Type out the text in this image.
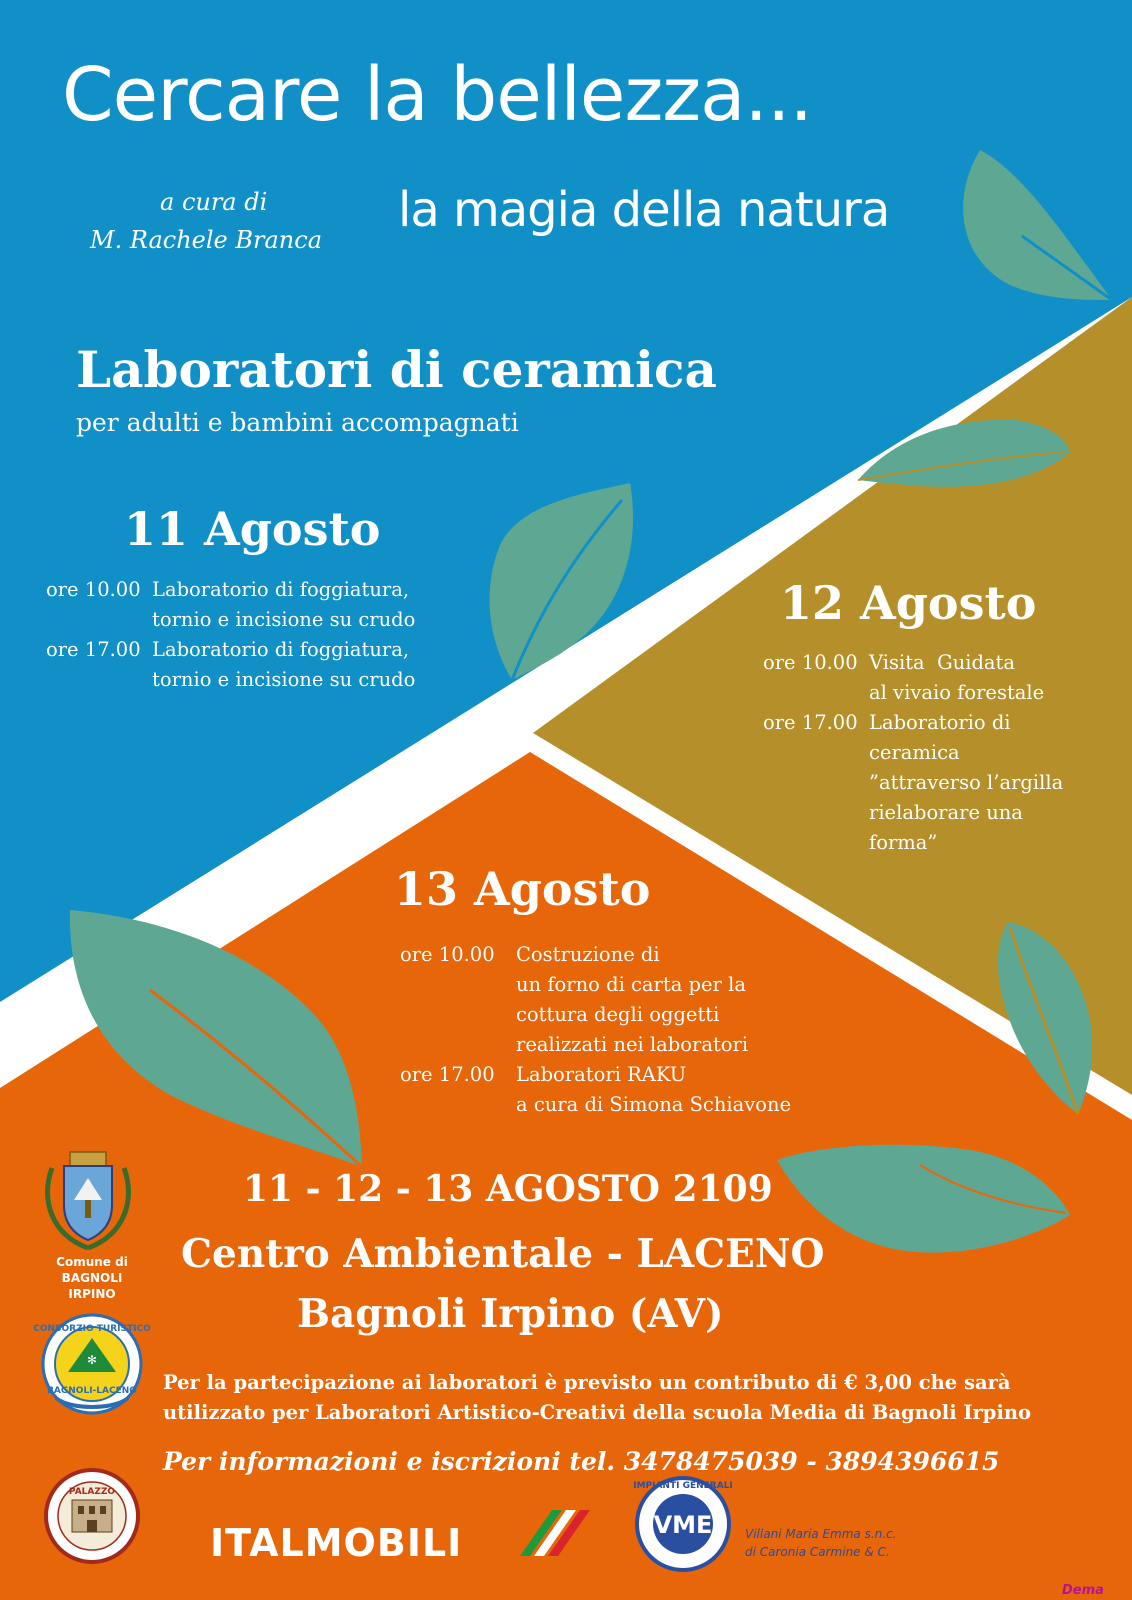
✻
CONSORZIO TURISTICO
BAGNOLI-LACENO
PALAZZO
VME
IMPIANTI GENERALI
Cercare la bellezza...
la magia della natura
a cura di
M. Rachele Branca
Laboratori di ceramica
per adulti e bambini accompagnati
11 Agosto
ore 10.00 Laboratorio di foggiatura,
tornio e incisione su crudo
ore 17.00 Laboratorio di foggiatura,
tornio e incisione su crudo
12 Agosto
ore 10.00 Visita  Guidata
al vivaio forestale
ore 17.00 Laboratorio di
ceramica
”attraverso l’argilla
rielaborare una
forma”
13 Agosto
ore 10.00	Costruzione di
un forno di carta per la
cottura degli oggetti
realizzati nei laboratori
ore 17.00	Laboratori RAKU
a cura di Simona Schiavone
11 - 12 - 13 AGOSTO 2109
Centro Ambientale - LACENO
Bagnoli Irpino (AV)
Per la partecipazione ai laboratori è previsto un contributo di € 3,00 che sarà
utilizzato per Laboratori Artistico-Creativi della scuola Media di Bagnoli Irpino
Per informazioni e iscrizioni tel. 3478475039 - 3894396615
Comune di BAGNOLI IRPINO
ITALMOBILI	Villani Maria Emma s.n.c.
di Caronia Carmine & C.
Dema
